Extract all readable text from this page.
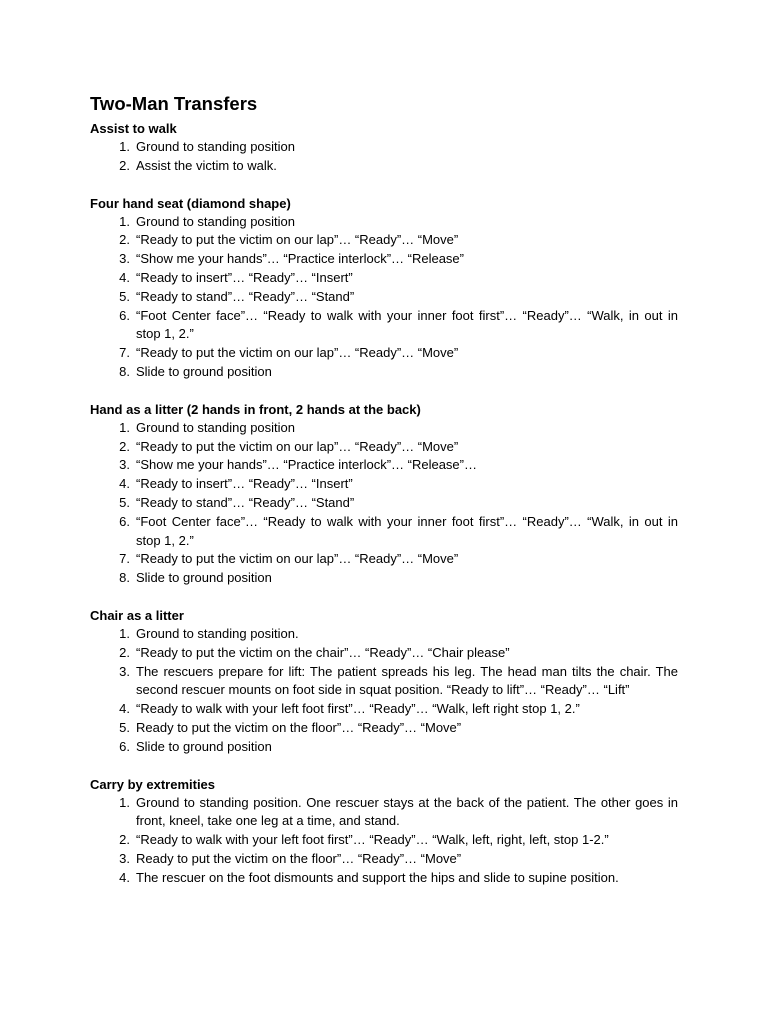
Two-Man Transfers
Assist to walk
1. Ground to standing position
2. Assist the victim to walk.
Four hand seat (diamond shape)
1. Ground to standing position
2. “Ready to put the victim on our lap”… “Ready”… “Move”
3. “Show me your hands”… “Practice interlock”… “Release”
4. “Ready to insert”… “Ready”… “Insert”
5. “Ready to stand”… “Ready”… “Stand”
6. “Foot Center face”… “Ready to walk with your inner foot first”… “Ready”… “Walk, in out in stop 1, 2.”
7. “Ready to put the victim on our lap”… “Ready”… “Move”
8. Slide to ground position
Hand as a litter (2 hands in front, 2 hands at the back)
1. Ground to standing position
2. “Ready to put the victim on our lap”… “Ready”… “Move”
3. “Show me your hands”… “Practice interlock”… “Release”…
4. “Ready to insert”… “Ready”… “Insert”
5. “Ready to stand”… “Ready”… “Stand”
6. “Foot Center face”… “Ready to walk with your inner foot first”… “Ready”… “Walk, in out in stop 1, 2.”
7. “Ready to put the victim on our lap”… “Ready”… “Move”
8. Slide to ground position
Chair as a litter
1. Ground to standing position.
2. “Ready to put the victim on the chair”… “Ready”… “Chair please”
3. The rescuers prepare for lift: The patient spreads his leg. The head man tilts the chair. The second rescuer mounts on foot side in squat position. “Ready to lift”… “Ready”… “Lift”
4. “Ready to walk with your left foot first”… “Ready”… “Walk, left right stop 1, 2.”
5. Ready to put the victim on the floor”… “Ready”… “Move”
6. Slide to ground position
Carry by extremities
1. Ground to standing position. One rescuer stays at the back of the patient. The other goes in front, kneel, take one leg at a time, and stand.
2. “Ready to walk with your left foot first”… “Ready”… “Walk, left, right, left, stop 1-2.”
3. Ready to put the victim on the floor”… “Ready”… “Move”
4. The rescuer on the foot dismounts and support the hips and slide to supine position.
